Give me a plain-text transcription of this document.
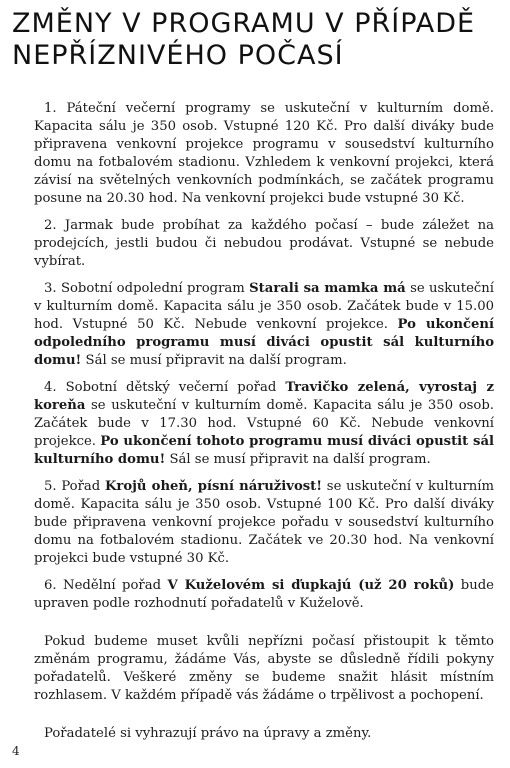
ZMĚNY V PROGRAMU V PŘÍPADĚ NEPŘÍZNIVÉHO POČASÍ

1. Páteční večerní programy se uskuteční v kulturním domě. Kapacita sálu je 350 osob. Vstupné 120 Kč. Pro další diváky bude připravena venkovní projekce programu v sousedství kulturního domu na fotbalovém stadionu. Vzhledem k venkovní projekci, která závisí na světelných venkovních podmínkách, se začátek programu posune na 20.30 hod. Na venkovní projekci bude vstupné 30 Kč.

2. Jarmak bude probíhat za každého počasí – bude záležet na prodejcích, jestli budou či nebudou prodávat. Vstupné se nebude vybírat.

3. Sobotní odpolední program Starali sa mamka má se uskuteční v kulturním domě. Kapacita sálu je 350 osob. Začátek bude v 15.00 hod. Vstupné 50 Kč. Nebude venkovní projekce. Po ukončení odpoledního programu musí diváci opustit sál kulturního domu! Sál se musí připravit na další program.

4. Sobotní dětský večerní pořad Travičko zelená, vyrostaj z koreňa se uskuteční v kulturním domě. Kapacita sálu je 350 osob. Začátek bude v 17.30 hod. Vstupné 60 Kč. Nebude venkovní projekce. Po ukončení tohoto programu musí diváci opustit sál kulturního domu! Sál se musí připravit na další program.

5. Pořad Krojů oheň, písní náruživost! se uskuteční v kulturním domě. Kapacita sálu je 350 osob. Vstupné 100 Kč. Pro další diváky bude připravena venkovní projekce pořadu v sousedství kulturního domu na fotbalovém stadionu. Začátek ve 20.30 hod. Na venkovní projekci bude vstupné 30 Kč.

6. Nedělní pořad V Kuželovém si ďupkajú (už 20 roků) bude upraven podle rozhodnutí pořadatelů v Kuželově.

Pokud budeme muset kvůli nepřízni počasí přistoupit k těmto změnám programu, žádáme Vás, abyste se důsledně řídili pokyny pořadatelů. Veškeré změny se budeme snažit hlásit místním rozhlasem. V každém případě vás žádáme o trpělivost a pochopení.

Pořadatelé si vyhrazují právo na úpravy a změny.

4
